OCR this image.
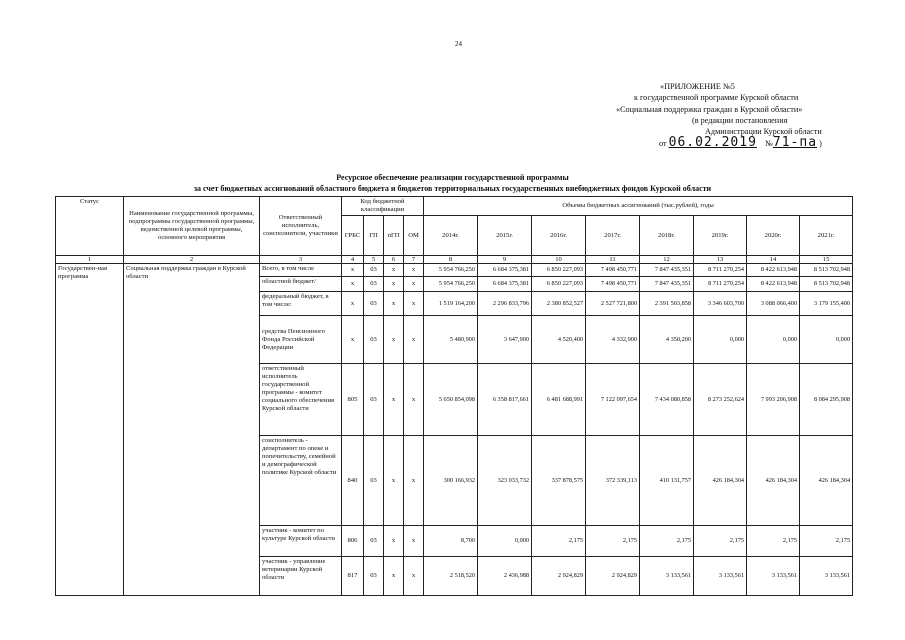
24
«ПРИЛОЖЕНИЕ №5
к государственной программе Курской области
«Социальная поддержка граждан в Курской области»
(в редакции постановления
Администрации Курской области
от 06.02.2019 №71-па )
Ресурсное обеспечение реализации государственной программы
за счет бюджетных ассигнований областного бюджета и бюджетов территориальных государственных внебюджетных фондов Курской области
Статус	Наименование государственной программы, подпрограммы государственной программы, ведомственной целевой программы, основного мероприятия	Ответственный исполнитель, соисполнители, участники	Код бюджетной классификации				Объемы бюджетных ассигнований (тыс.рублей), годы							
			ГРБС	ГП	пГП	ОМ	2014г.	2015г.	2016г.	2017г.	2018г.	2019г.	2020г.	2021г.
1	2	3	4	5	6	7	8	9	10	11	12	13	14	15
Государствен-ная программа	Социальная поддержка граждан в Курской области	Всего, в том числе	х	03	х	х	5 954 766,250	6 684 375,381	6 850 227,093	7 498 450,771	7 847 435,351	8 711 270,254	8 422 613,948	8 513 702,948
		областной бюджет/	х	03	х	х	5 954 766,250	6 684 375,381	6 850 227,093	7 498 450,771	7 847 435,351	8 711 270,254	8 422 613,948	8 513 702,948
		федеральный бюджет, в том числе:	х	03	х	х	1 519 164,200	2 296 833,796	2 380 852,527	2 527 721,800	2 391 503,858	3 346 603,700	3 088 066,400	3 179 155,400
		средства Пенсионного Фонда Российской Федерации	х	03	х	х	5 480,900	3 647,900	4 520,400	4 332,900	4 350,200	0,000	0,000	0,000
		ответственный исполнитель государственной программы - комитет социального обеспечения Курской области	805	03	х	х	5 650 854,098	6 358 817,661	6 481 688,991	7 122 097,654	7 434 080,858	8 273 252,624	7 993 206,908	8 084 295,908
		соисполнитель - департамент по опеке и попечительству, семейной и демографической политике Курской области	840	03	х	х	300 166,932	323 033,732	337 878,575	372 339,113	410 131,757	426 184,304	426 184,304	426 184,304
		участник - комитет по культуре Курской области	806	03	х	х	8,700	0,000	2,175	2,175	2,175	2,175	2,175	2,175
		участник - управление ветеринарии Курской области	817	03	х	х	2 518,520	2 436,988	2 924,829	2 924,829	3 133,561	3 133,561	3 133,561	3 133,561
